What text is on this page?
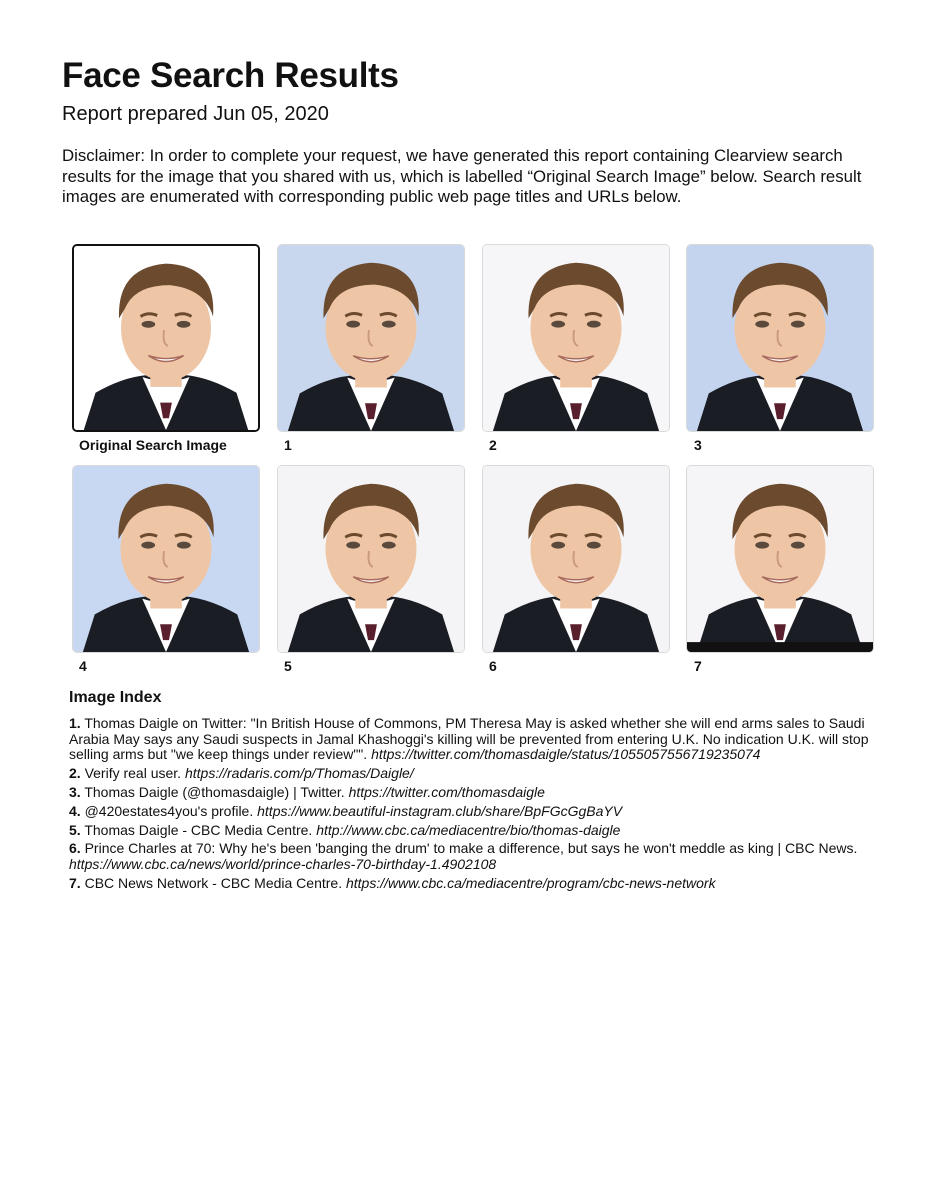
Face Search Results
Report prepared Jun 05, 2020

Disclaimer: In order to complete your request, we have generated this report containing Clearview search results for the image that you shared with us, which is labelled “Original Search Image” below. Search result images are enumerated with corresponding public web page titles and URLs below.

Original Search Image	1	2	3
4	5	6	7
Image Index
1. Thomas Daigle on Twitter: "In British House of Commons, PM Theresa May is asked whether she will end arms sales to Saudi Arabia May says any Saudi suspects in Jamal Khashoggi's killing will be prevented from entering U.K. No indication U.K. will stop selling arms but "we keep things under review"". https://twitter.com/thomasdaigle/status/1055057556719235074
2. Verify real user. https://radaris.com/p/Thomas/Daigle/
3. Thomas Daigle (@thomasdaigle) | Twitter. https://twitter.com/thomasdaigle
4. @420estates4you's profile. https://www.beautiful-instagram.club/share/BpFGcGgBaYV
5. Thomas Daigle - CBC Media Centre. http://www.cbc.ca/mediacentre/bio/thomas-daigle
6. Prince Charles at 70: Why he's been 'banging the drum' to make a difference, but says he won't meddle as king | CBC News. https://www.cbc.ca/news/world/prince-charles-70-birthday-1.4902108
7. CBC News Network - CBC Media Centre. https://www.cbc.ca/mediacentre/program/cbc-news-network
